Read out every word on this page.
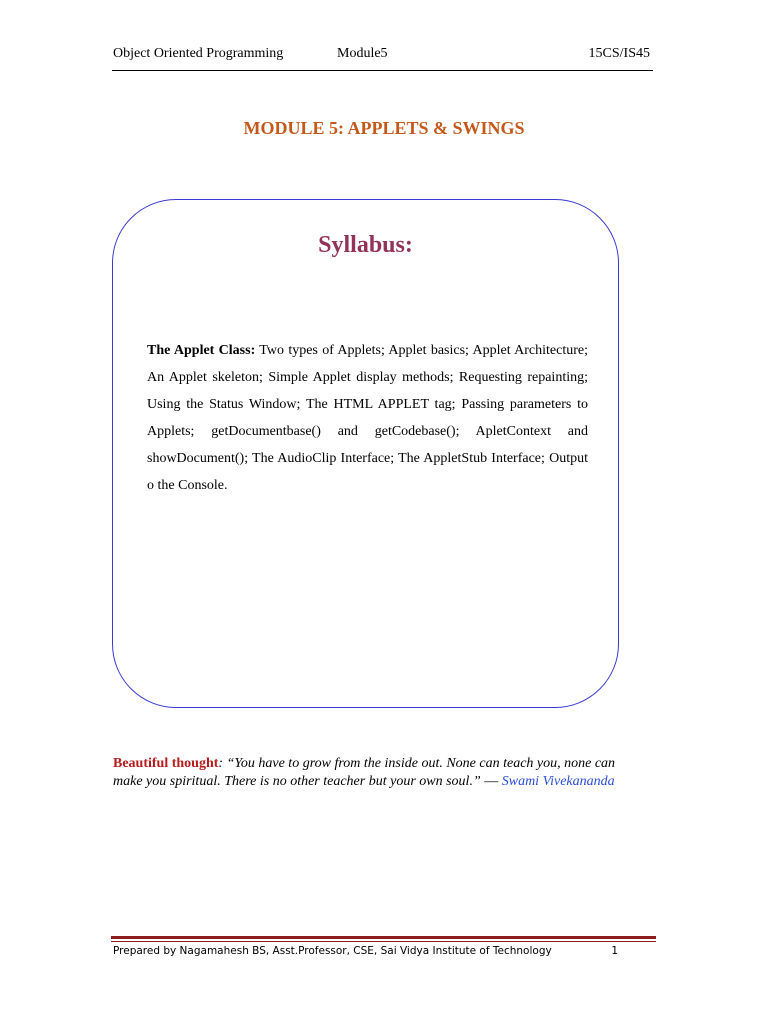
Object Oriented Programming	Module5	15CS/IS45
MODULE 5: APPLETS & SWINGS
Syllabus:
The Applet Class: Two types of Applets; Applet basics; Applet Architecture; An Applet skeleton; Simple Applet display methods; Requesting repainting; Using the Status Window; The HTML APPLET tag; Passing parameters to Applets; getDocumentbase() and getCodebase(); ApletContext and showDocument(); The AudioClip Interface; The AppletStub Interface; Output o the Console.
Beautiful thought: “You have to grow from the inside out. None can teach you, none can make you spiritual. There is no other teacher but your own soul.” — Swami Vivekananda
Prepared by Nagamahesh BS, Asst.Professor, CSE, Sai Vidya Institute of Technology	1
